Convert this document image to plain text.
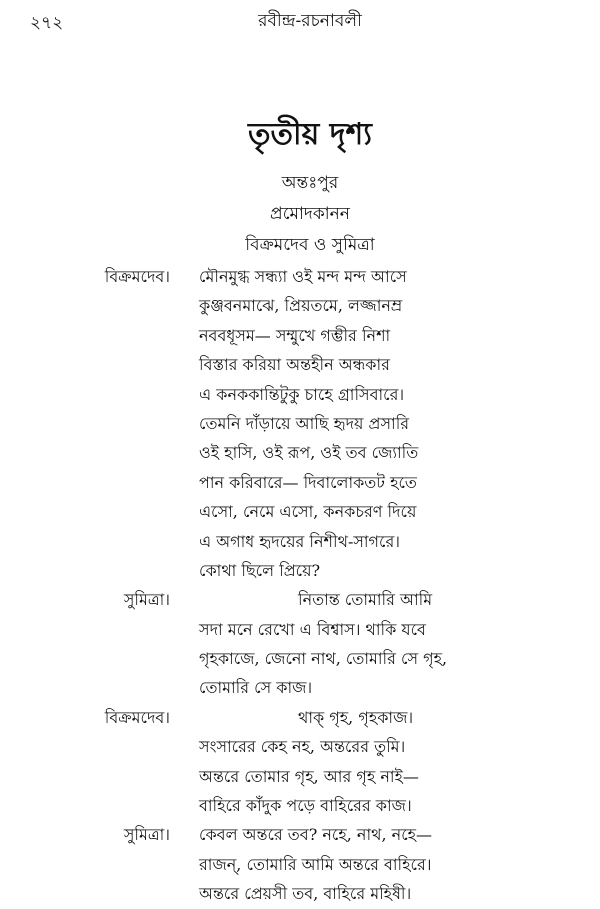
২৭২	রবীন্দ্র-রচনাবলী
তৃতীয় দৃশ্য
অন্তঃপুর
প্রমোদকানন
বিক্রমদেব ও সুমিত্রা
বিক্রমদেব। মৌনমুগ্ধ সন্ধ্যা ওই মন্দ মন্দ আসে
কুঞ্জবনমাঝে, প্রিয়তমে, লজ্জানম্র
নববধূসম— সম্মুখে গম্ভীর নিশা
বিস্তার করিয়া অন্তহীন অন্ধকার
এ কনককান্তিটুকু চাহে গ্রাসিবারে।
তেমনি দাঁড়ায়ে আছি হৃদয় প্রসারি
ওই হাসি, ওই রূপ, ওই তব জ্যোতি
পান করিবারে— দিবালোকতট হতে
এসো, নেমে এসো, কনকচরণ দিয়ে
এ অগাধ হৃদয়ের নিশীথ-সাগরে।
কোথা ছিলে প্রিয়ে?
সুমিত্রা।	নিতান্ত তোমারি আমি
সদা মনে রেখো এ বিশ্বাস। থাকি যবে
গৃহকাজে, জেনো নাথ, তোমারি সে গৃহ,
তোমারি সে কাজ।
বিক্রমদেব।	থাক্ গৃহ, গৃহকাজ।
সংসারের কেহ নহ, অন্তরের তুমি।
অন্তরে তোমার গৃহ, আর গৃহ নাই—
বাহিরে কাঁদুক পড়ে বাহিরের কাজ।
সুমিত্রা। কেবল অন্তরে তব? নহে, নাথ, নহে—
রাজন্, তোমারি আমি অন্তরে বাহিরে।
অন্তরে প্রেয়সী তব, বাহিরে মহিষী।
